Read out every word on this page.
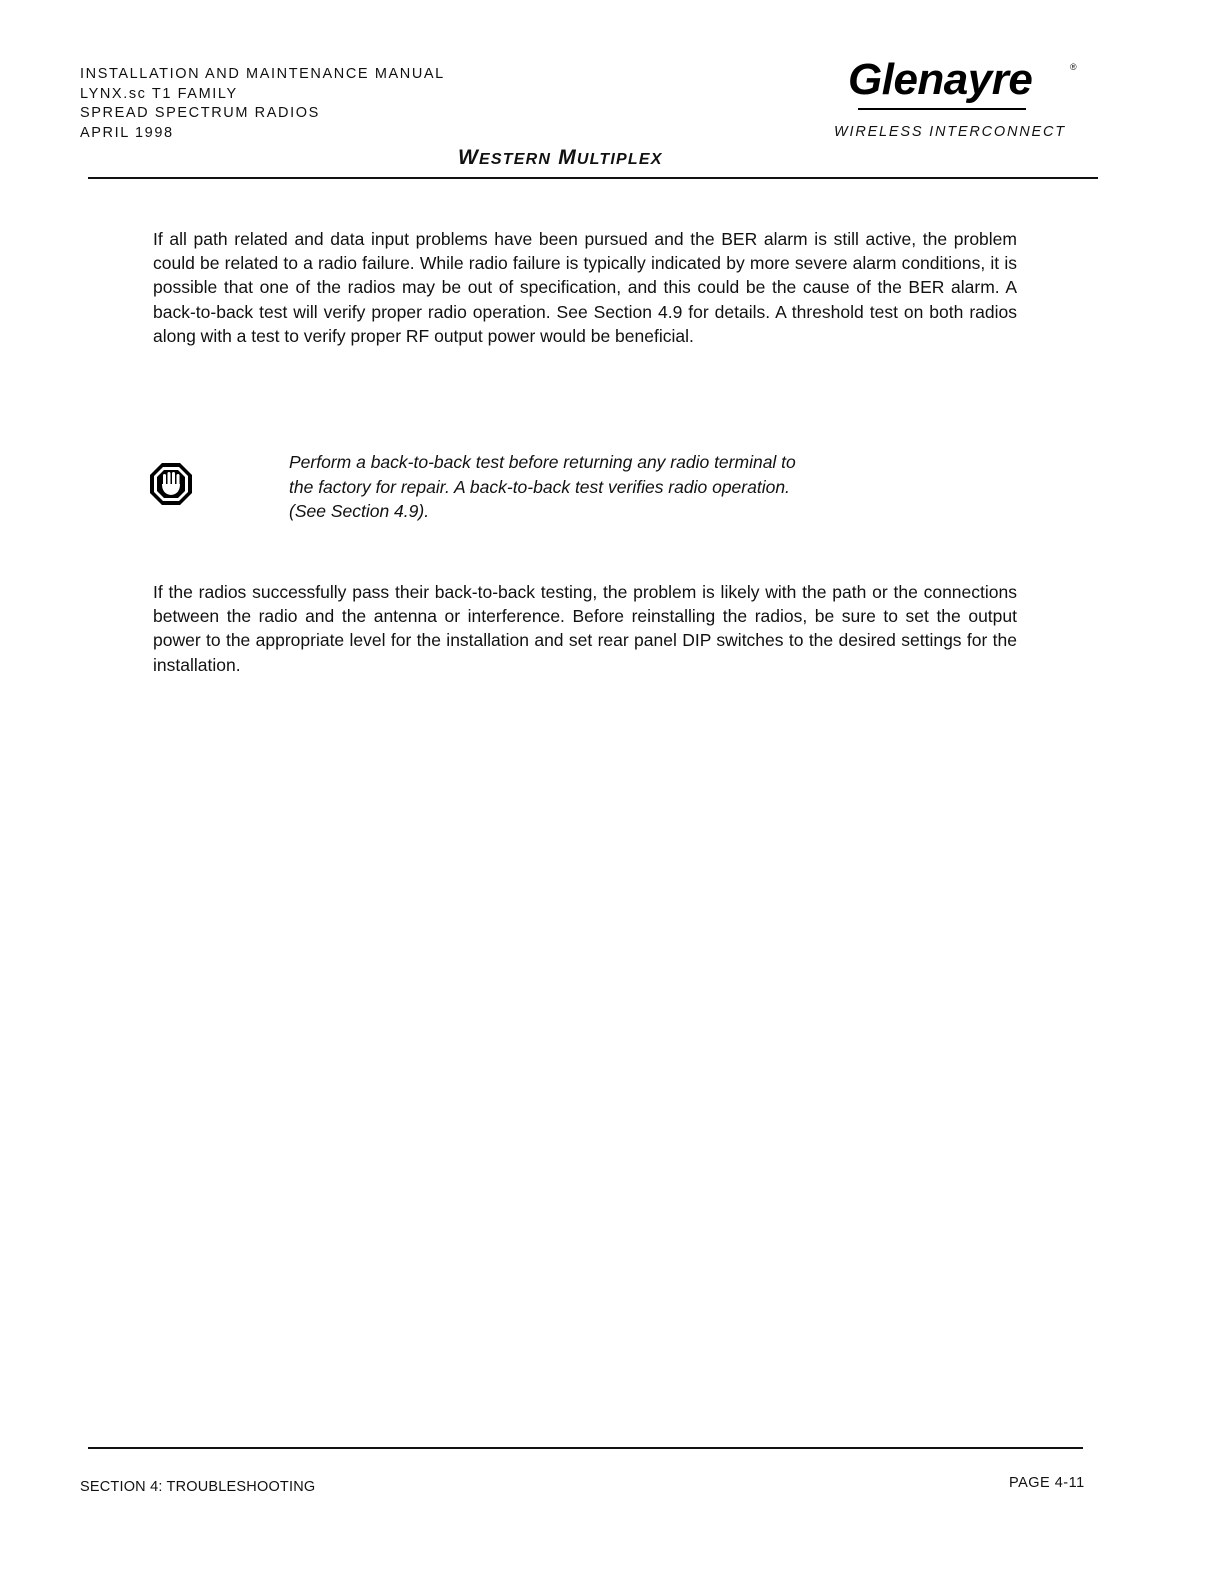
INSTALLATION AND MAINTENANCE MANUAL
LYNX.sc T1 FAMILY
SPREAD SPECTRUM RADIOS
APRIL 1998
Glenayre	®
WIRELESS INTERCONNECT
WESTERN MULTIPLEX

If all path related and data input problems have been pursued and the BER alarm is still active, the problem could be related to a radio failure. While radio failure is typically indicated by more severe alarm conditions, it is possible that one of the radios may be out of specification, and this could be the cause of the BER alarm. A back-to-back test will verify proper radio operation. See Section 4.9 for details. A threshold test on both radios along with a test to verify proper RF output power would be beneficial.

Perform a back-to-back test before returning any radio terminal to
the factory for repair. A back-to-back test verifies radio operation.
(See Section 4.9).

If the radios successfully pass their back-to-back testing, the problem is likely with the path or the connections between the radio and the antenna or interference. Before reinstalling the radios, be sure to set the output power to the appropriate level for the installation and set rear panel DIP switches to the desired settings for the installation.

SECTION 4: TROUBLESHOOTING	PAGE 4-11
